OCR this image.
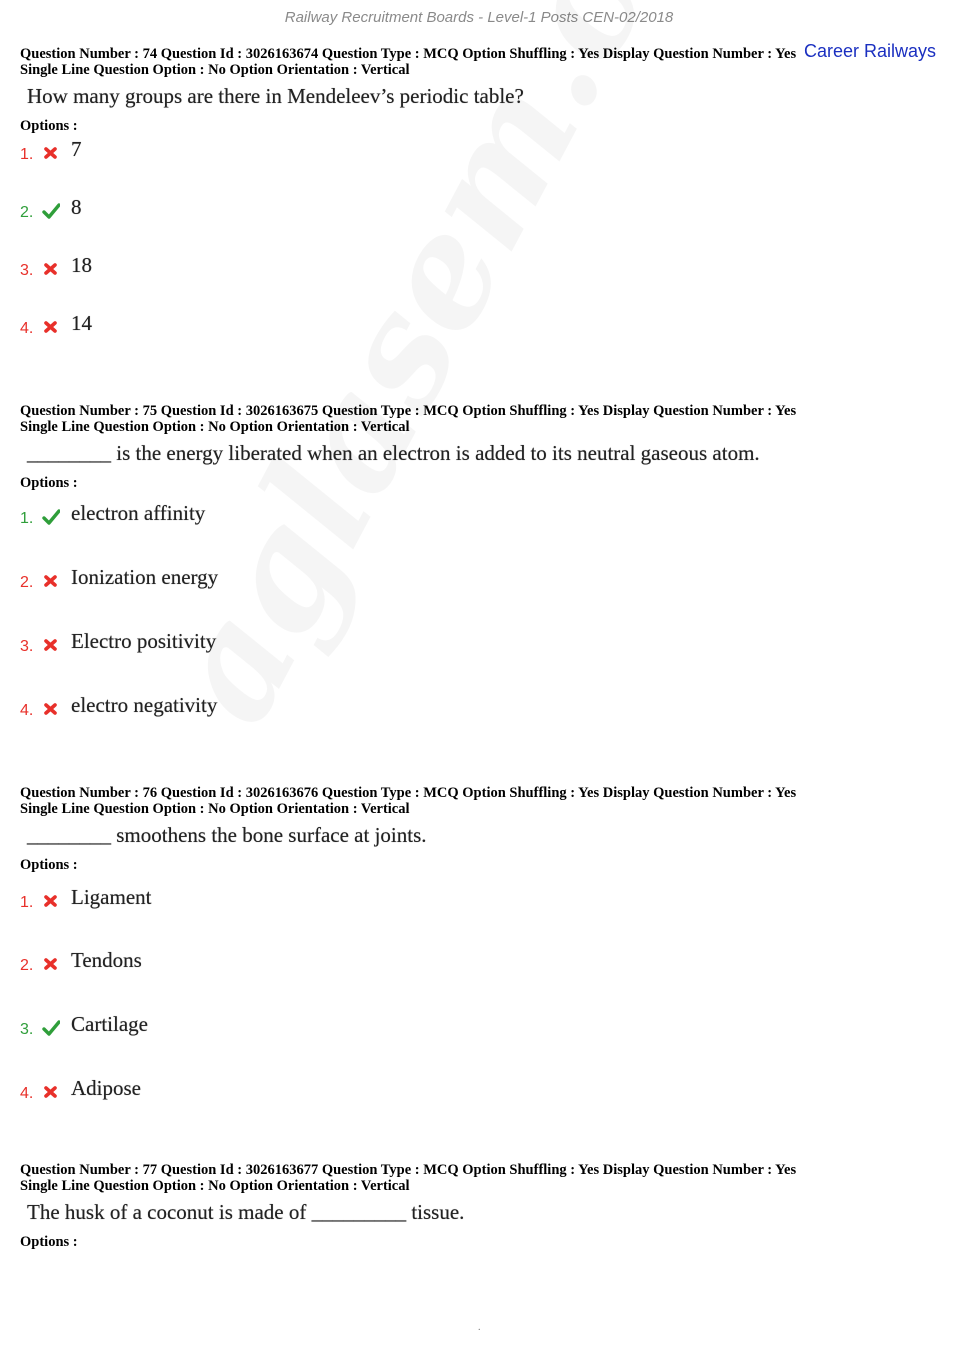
Railway Recruitment Boards - Level-1 Posts CEN-02/2018
Career Railways
Question Number : 74 Question Id : 3026163674 Question Type : MCQ Option Shuffling : Yes Display Question Number : Yes
Single Line Question Option : No Option Orientation : Vertical
How many groups are there in Mendeleev’s periodic table?
Options :
1. 7
2. 8
3. 18
4. 14
Question Number : 75 Question Id : 3026163675 Question Type : MCQ Option Shuffling : Yes Display Question Number : Yes
Single Line Question Option : No Option Orientation : Vertical
________ is the energy liberated when an electron is added to its neutral gaseous atom.
Options :
1. electron affinity
2. Ionization energy
3. Electro positivity
4. electro negativity
Question Number : 76 Question Id : 3026163676 Question Type : MCQ Option Shuffling : Yes Display Question Number : Yes
Single Line Question Option : No Option Orientation : Vertical
________ smoothens the bone surface at joints.
Options :
1. Ligament
2. Tendons
3. Cartilage
4. Adipose
Question Number : 77 Question Id : 3026163677 Question Type : MCQ Option Shuffling : Yes Display Question Number : Yes
Single Line Question Option : No Option Orientation : Vertical
The husk of a coconut is made of _________ tissue.
Options :
.
